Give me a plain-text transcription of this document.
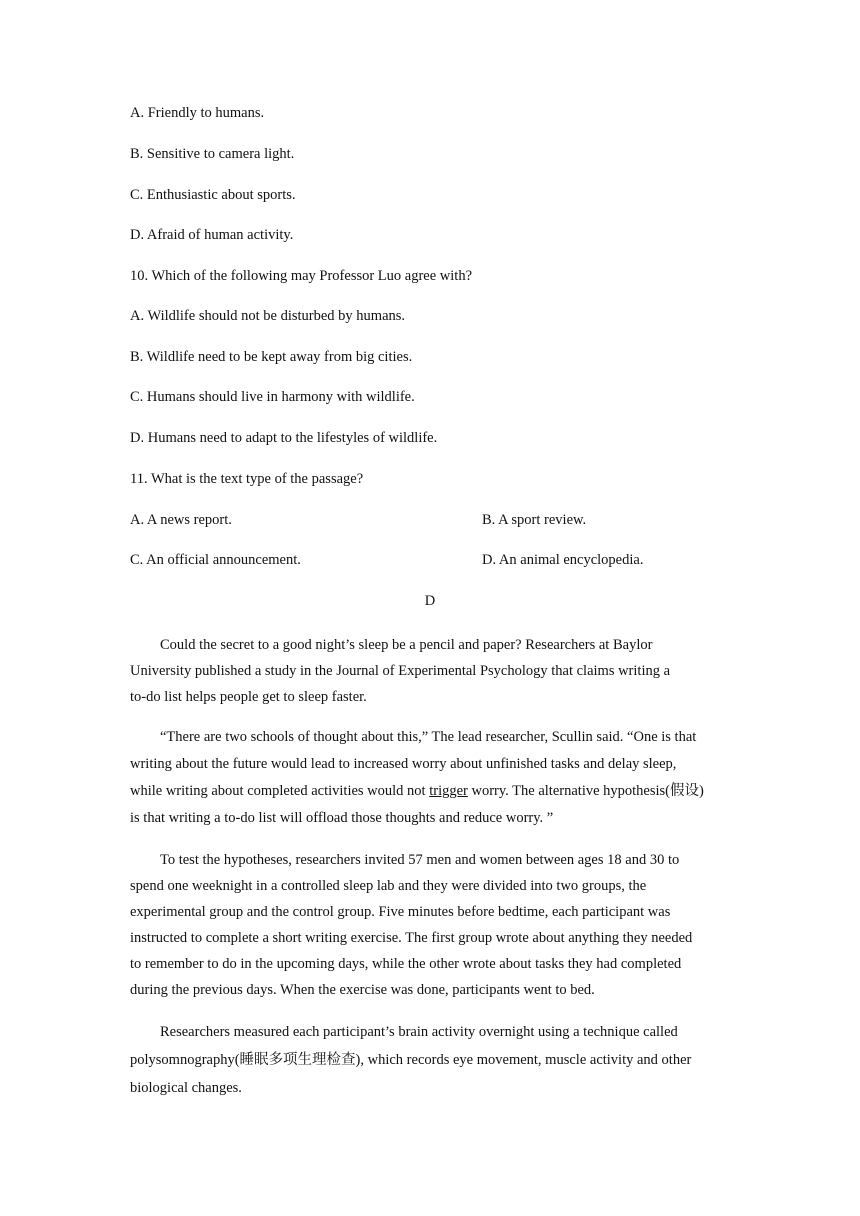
A. Friendly to humans.
B. Sensitive to camera light.
C. Enthusiastic about sports.
D. Afraid of human activity.
10. Which of the following may Professor Luo agree with?
A. Wildlife should not be disturbed by humans.
B. Wildlife need to be kept away from big cities.
C. Humans should live in harmony with wildlife.
D. Humans need to adapt to the lifestyles of wildlife.
11. What is the text type of the passage?
A. A news report.	B. A sport review.
C. An official announcement.	D. An animal encyclopedia.
D
Could the secret to a good night’s sleep be a pencil and paper? Researchers at Baylor
University published a study in the Journal of Experimental Psychology that claims writing a
to-do list helps people get to sleep faster.
“There are two schools of thought about this,” The lead researcher, Scullin said. “One is that
writing about the future would lead to increased worry about unfinished tasks and delay sleep,
while writing about completed activities would not trigger worry. The alternative hypothesis(假设)
is that writing a to-do list will offload those thoughts and reduce worry. ”
To test the hypotheses, researchers invited 57 men and women between ages 18 and 30 to
spend one weeknight in a controlled sleep lab and they were divided into two groups, the
experimental group and the control group. Five minutes before bedtime, each participant was
instructed to complete a short writing exercise. The first group wrote about anything they needed
to remember to do in the upcoming days, while the other wrote about tasks they had completed
during the previous days. When the exercise was done, participants went to bed.
Researchers measured each participant’s brain activity overnight using a technique called
polysomnography(睡眠多项生理检查), which records eye movement, muscle activity and other
biological changes.
